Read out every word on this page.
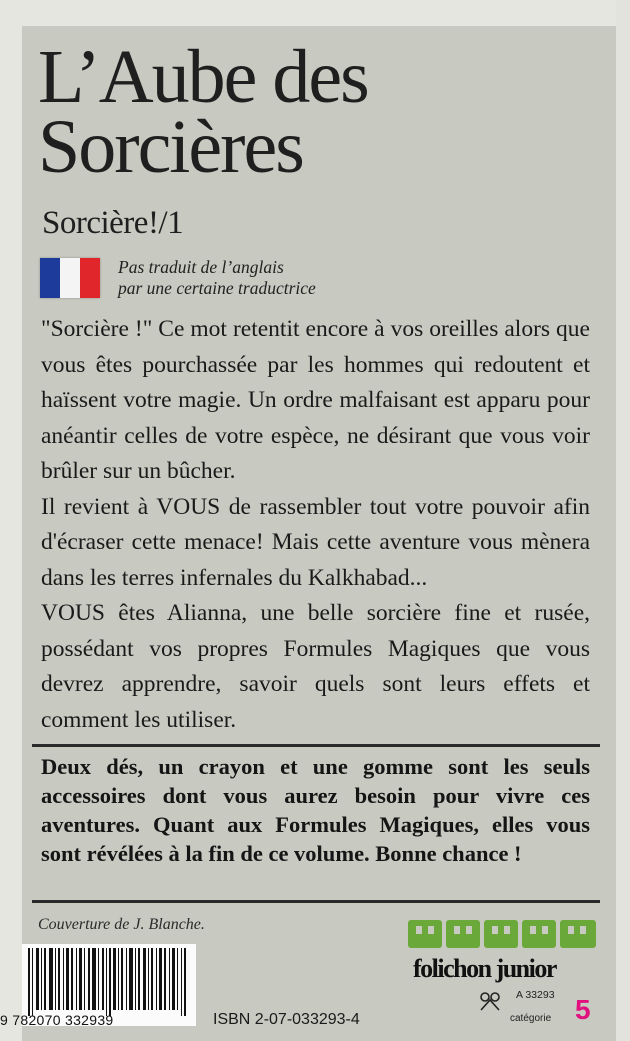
L’Aube des
Sorcières
Sorcière!/1
Pas traduit de l’anglais
par une certaine traductrice

"Sorcière !" Ce mot retentit encore à vos oreilles alors que vous êtes pourchassée par les hommes qui redoutent et haïssent votre magie. Un ordre malfaisant est apparu pour anéantir celles de votre espèce, ne désirant que vous voir brûler sur un bûcher.

Il revient à VOUS de rassembler tout votre pouvoir afin d'écraser cette menace! Mais cette aventure vous mènera dans les terres infernales du Kalkhabad...

VOUS êtes Alianna, une belle sorcière fine et rusée, possédant vos propres Formules Magiques que vous devrez apprendre, savoir quels sont leurs effets et comment les utiliser.

Deux dés, un crayon et une gomme sont les seuls accessoires dont vous aurez besoin pour vivre ces aventures. Quant aux Formules Magiques, elles vous sont révélées à la fin de ce volume. Bonne chance !

Couverture de J. Blanche.
9 782070 332939	ISBN 2-07-033293-4
folichon junior
A 33293
catégorie 5
